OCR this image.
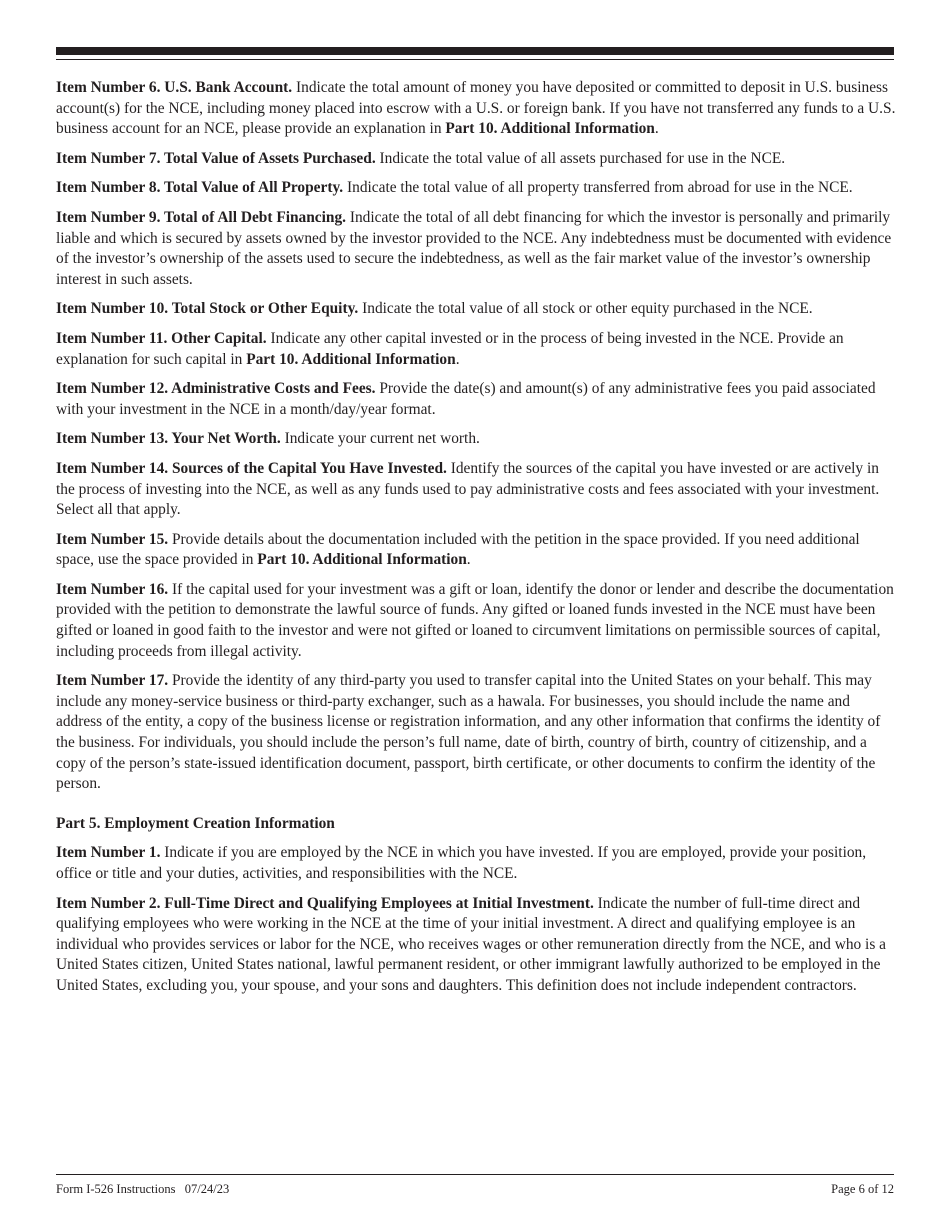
Item Number 6. U.S. Bank Account. Indicate the total amount of money you have deposited or committed to deposit in U.S. business account(s) for the NCE, including money placed into escrow with a U.S. or foreign bank. If you have not transferred any funds to a U.S. business account for an NCE, please provide an explanation in Part 10. Additional Information.

Item Number 7. Total Value of Assets Purchased. Indicate the total value of all assets purchased for use in the NCE.

Item Number 8. Total Value of All Property. Indicate the total value of all property transferred from abroad for use in the NCE.

Item Number 9. Total of All Debt Financing. Indicate the total of all debt financing for which the investor is personally and primarily liable and which is secured by assets owned by the investor provided to the NCE. Any indebtedness must be documented with evidence of the investor’s ownership of the assets used to secure the indebtedness, as well as the fair market value of the investor’s ownership interest in such assets.

Item Number 10. Total Stock or Other Equity. Indicate the total value of all stock or other equity purchased in the NCE.

Item Number 11. Other Capital. Indicate any other capital invested or in the process of being invested in the NCE. Provide an explanation for such capital in Part 10. Additional Information.

Item Number 12. Administrative Costs and Fees. Provide the date(s) and amount(s) of any administrative fees you paid associated with your investment in the NCE in a month/day/year format.

Item Number 13. Your Net Worth. Indicate your current net worth.

Item Number 14. Sources of the Capital You Have Invested. Identify the sources of the capital you have invested or are actively in the process of investing into the NCE, as well as any funds used to pay administrative costs and fees associated with your investment. Select all that apply.

Item Number 15. Provide details about the documentation included with the petition in the space provided. If you need additional space, use the space provided in Part 10. Additional Information.

Item Number 16. If the capital used for your investment was a gift or loan, identify the donor or lender and describe the documentation provided with the petition to demonstrate the lawful source of funds. Any gifted or loaned funds invested in the NCE must have been gifted or loaned in good faith to the investor and were not gifted or loaned to circumvent limitations on permissible sources of capital, including proceeds from illegal activity.

Item Number 17. Provide the identity of any third-party you used to transfer capital into the United States on your behalf. This may include any money-service business or third-party exchanger, such as a hawala. For businesses, you should include the name and address of the entity, a copy of the business license or registration information, and any other information that confirms the identity of the business. For individuals, you should include the person’s full name, date of birth, country of birth, country of citizenship, and a copy of the person’s state-issued identification document, passport, birth certificate, or other documents to confirm the identity of the person.

Part 5. Employment Creation Information

Item Number 1. Indicate if you are employed by the NCE in which you have invested. If you are employed, provide your position, office or title and your duties, activities, and responsibilities with the NCE.

Item Number 2. Full-Time Direct and Qualifying Employees at Initial Investment. Indicate the number of full-time direct and qualifying employees who were working in the NCE at the time of your initial investment. A direct and qualifying employee is an individual who provides services or labor for the NCE, who receives wages or other remuneration directly from the NCE, and who is a United States citizen, United States national, lawful permanent resident, or other immigrant lawfully authorized to be employed in the United States, excluding you, your spouse, and your sons and daughters. This definition does not include independent contractors.

Form I-526 Instructions   07/24/23	Page 6 of 12
